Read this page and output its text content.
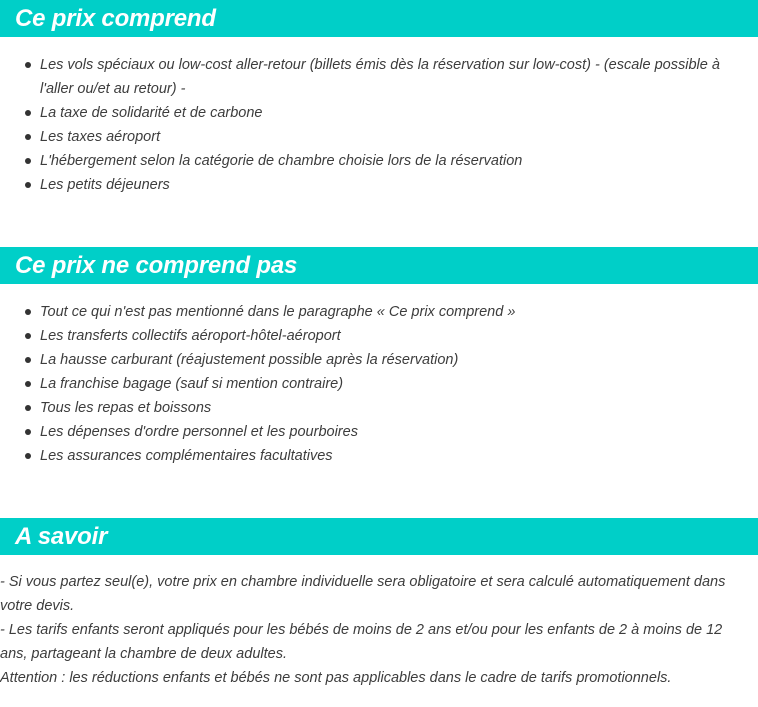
Ce prix comprend
Les vols spéciaux ou low-cost aller-retour (billets émis dès la réservation sur low-cost) - (escale possible à l'aller ou/et au retour) -
La taxe de solidarité et de carbone
Les taxes aéroport
L'hébergement selon la catégorie de chambre choisie lors de la réservation
Les petits déjeuners
Ce prix ne comprend pas
Tout ce qui n'est pas mentionné dans le paragraphe « Ce prix comprend »
Les transferts collectifs aéroport-hôtel-aéroport
La hausse carburant (réajustement possible après la réservation)
La franchise bagage (sauf si mention contraire)
Tous les repas et boissons
Les dépenses d'ordre personnel et les pourboires
Les assurances complémentaires facultatives
A savoir

- Si vous partez seul(e), votre prix en chambre individuelle sera obligatoire et sera calculé automatiquement dans votre devis.

- Les tarifs enfants seront appliqués pour les bébés de moins de 2 ans et/ou pour les enfants de 2 à moins de 12 ans, partageant la chambre de deux adultes.

Attention : les réductions enfants et bébés ne sont pas applicables dans le cadre de tarifs promotionnels.
